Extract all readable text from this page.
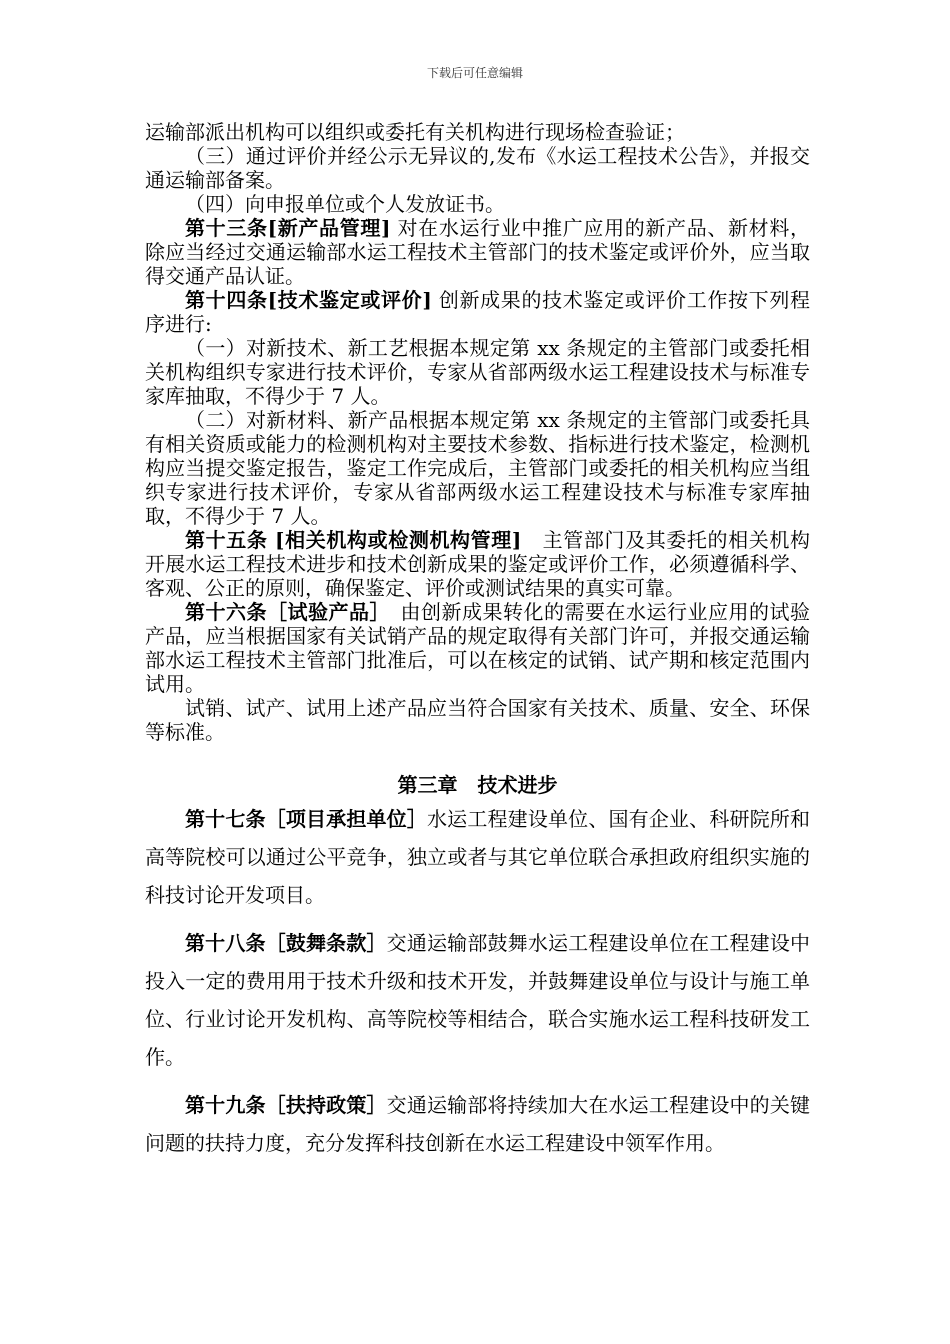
下载后可任意编辑

运输部派出机构可以组织或委托有关机构进行现场检查验证；

（三）通过评价并经公示无异议的,发布《水运工程技术公告》，并报交通运输部备案。

（四）向申报单位或个人发放证书。

第十三条[新产品管理] 对在水运行业中推广应用的新产品、新材料，除应当经过交通运输部水运工程技术主管部门的技术鉴定或评价外，应当取得交通产品认证。

第十四条[技术鉴定或评价] 创新成果的技术鉴定或评价工作按下列程序进行:

（一）对新技术、新工艺根据本规定第 xx 条规定的主管部门或委托相关机构组织专家进行技术评价，专家从省部两级水运工程建设技术与标准专家库抽取，不得少于 7 人。

（二）对新材料、新产品根据本规定第 xx 条规定的主管部门或委托具有相关资质或能力的检测机构对主要技术参数、指标进行技术鉴定，检测机构应当提交鉴定报告，鉴定工作完成后，主管部门或委托的相关机构应当组织专家进行技术评价，专家从省部两级水运工程建设技术与标准专家库抽取，不得少于 7 人。

第十五条 [相关机构或检测机构管理]　主管部门及其委托的相关机构开展水运工程技术进步和技术创新成果的鉴定或评价工作，必须遵循科学、客观、公正的原则，确保鉴定、评价或测试结果的真实可靠。

第十六条［试验产品］　由创新成果转化的需要在水运行业应用的试验产品，应当根据国家有关试销产品的规定取得有关部门许可，并报交通运输部水运工程技术主管部门批准后，可以在核定的试销、试产期和核定范围内试用。

试销、试产、试用上述产品应当符合国家有关技术、质量、安全、环保等标准。

第三章　技术进步

第十七条［项目承担单位］水运工程建设单位、国有企业、科研院所和高等院校可以通过公平竞争，独立或者与其它单位联合承担政府组织实施的科技讨论开发项目。

第十八条［鼓舞条款］交通运输部鼓舞水运工程建设单位在工程建设中投入一定的费用用于技术升级和技术开发，并鼓舞建设单位与设计与施工单位、行业讨论开发机构、高等院校等相结合，联合实施水运工程科技研发工作。

第十九条［扶持政策］交通运输部将持续加大在水运工程建设中的关键问题的扶持力度，充分发挥科技创新在水运工程建设中领军作用。
